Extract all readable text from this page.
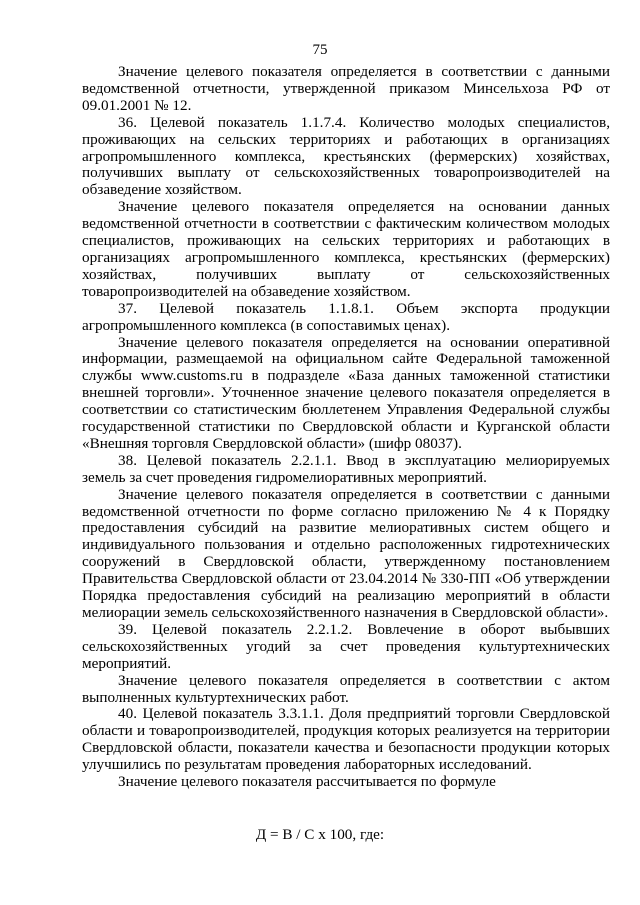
75

Значение целевого показателя определяется в соответствии с данными ведомственной отчетности, утвержденной приказом Минсельхоза РФ от 09.01.2001 № 12.

36. Целевой показатель 1.1.7.4. Количество молодых специалистов, проживающих на сельских территориях и работающих в организациях агропромышленного комплекса, крестьянских (фермерских) хозяйствах, получивших выплату от сельскохозяйственных товаропроизводителей на обзаведение хозяйством.

Значение целевого показателя определяется на основании данных ведомственной отчетности в соответствии с фактическим количеством молодых специалистов, проживающих на сельских территориях и работающих в организациях агропромышленного комплекса, крестьянских (фермерских) хозяйствах, получивших выплату от сельскохозяйственных товаропроизводителей на обзаведение хозяйством.

37. Целевой показатель 1.1.8.1. Объем экспорта продукции агропромышленного комплекса (в сопоставимых ценах).

Значение целевого показателя определяется на основании оперативной информации, размещаемой на официальном сайте Федеральной таможенной службы www.customs.ru в подразделе «База данных таможенной статистики внешней торговли». Уточненное значение целевого показателя определяется в соответствии со статистическим бюллетенем Управления Федеральной службы государственной статистики по Свердловской области и Курганской области «Внешняя торговля Свердловской области» (шифр 08037).

38. Целевой показатель 2.2.1.1. Ввод в эксплуатацию мелиорируемых земель за счет проведения гидромелиоративных мероприятий.

Значение целевого показателя определяется в соответствии с данными ведомственной отчетности по форме согласно приложению № 4 к Порядку предоставления субсидий на развитие мелиоративных систем общего и индивидуального пользования и отдельно расположенных гидротехнических сооружений в Свердловской области, утвержденному постановлением Правительства Свердловской области от 23.04.2014 № 330-ПП «Об утверждении Порядка предоставления субсидий на реализацию мероприятий в области мелиорации земель сельскохозяйственного назначения в Свердловской области».

39. Целевой показатель 2.2.1.2. Вовлечение в оборот выбывших сельскохозяйственных угодий за счет проведения культуртехнических мероприятий.

Значение целевого показателя определяется в соответствии с актом выполненных культуртехнических работ.

40. Целевой показатель 3.3.1.1. Доля предприятий торговли Свердловской области и товаропроизводителей, продукция которых реализуется на территории Свердловской области, показатели качества и безопасности продукции которых улучшились по результатам проведения лабораторных исследований.

Значение целевого показателя рассчитывается по формуле

Д = В / С х 100, где:
